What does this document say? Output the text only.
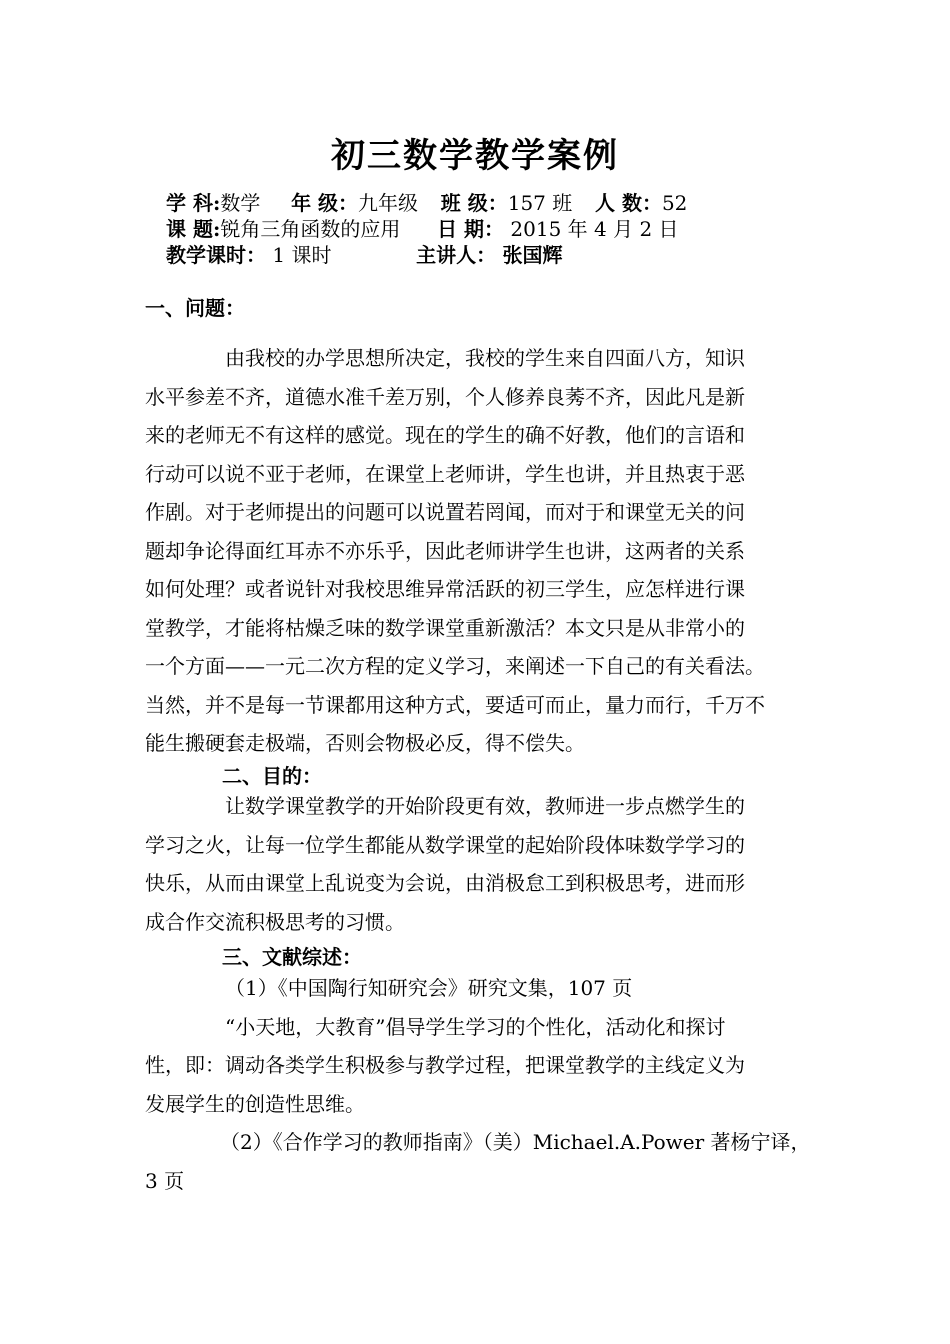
初三数学教学案例
学 科:数学 年 级：九年级 班 级：157 班 人 数：52
课 题:锐角三角函数的应用 日 期： 2015 年 4 月 2 日
教学课时： 1 课时	主讲人： 张国辉
一、问题：
由我校的办学思想所决定，我校的学生来自四面八方，知识
水平参差不齐，道德水准千差万别，个人修养良莠不齐，因此凡是新
来的老师无不有这样的感觉。现在的学生的确不好教，他们的言语和
行动可以说不亚于老师，在课堂上老师讲，学生也讲，并且热衷于恶
作剧。对于老师提出的问题可以说置若罔闻，而对于和课堂无关的问
题却争论得面红耳赤不亦乐乎，因此老师讲学生也讲，这两者的关系
如何处理？或者说针对我校思维异常活跃的初三学生，应怎样进行课
堂教学，才能将枯燥乏味的数学课堂重新激活？本文只是从非常小的
一个方面——一元二次方程的定义学习，来阐述一下自己的有关看法。
当然，并不是每一节课都用这种方式，要适可而止，量力而行，千万不
能生搬硬套走极端，否则会物极必反，得不偿失。
二、目的：
让数学课堂教学的开始阶段更有效，教师进一步点燃学生的
学习之火，让每一位学生都能从数学课堂的起始阶段体味数学学习的
快乐，从而由课堂上乱说变为会说，由消极怠工到积极思考，进而形
成合作交流积极思考的习惯。
三、文献综述：
（1）《中国陶行知研究会》研究文集，107 页
“小天地，大教育”倡导学生学习的个性化，活动化和探讨
性，即：调动各类学生积极参与教学过程，把课堂教学的主线定义为
发展学生的创造性思维。
（2）《合作学习的教师指南》（美）Michael.A.Power 著杨宁译，
3 页
